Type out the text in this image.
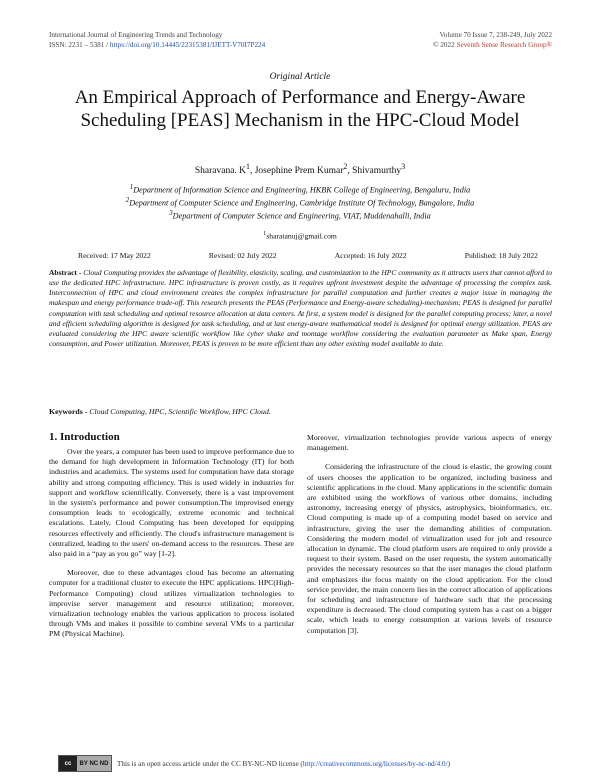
International Journal of Engineering Trends and Technology
ISSN: 2231 – 5381 / https://doi.org/10.14445/22315381/IJETT-V70I7P224
Volume 70 Issue 7, 238-249, July 2022
© 2022 Seventh Sense Research Group®
Original Article
An Empirical Approach of Performance and Energy-Aware Scheduling [PEAS] Mechanism in the HPC-Cloud Model
Sharavana. $K^1$, Josephine Prem Kumar$^2$, Shivamurthy$^3$
$^1$Department of Information Science and Engineering, HKBK College of Engineering, Bengaluru, India
$^2$Department of Computer Science and Engineering, Cambridge Institute Of Technology, Bangalore, India
$^3$Department of Computer Science and Engineering, VIAT, Muddenahalli, India
$^1$sharatanuj@gmail.com
Received: 17 May 2022	Revised: 02 July 2022	Accepted: 16 July 2022	Published: 18 July 2022
Abstract - Cloud Computing provides the advantage of flexibility, elasticity, scaling, and customization to the HPC community as it attracts users that cannot afford to use the dedicated HPC infrastructure. HPC infrastructure is proven costly, as it requires upfront investment despite the advantage of processing the complex task. Interconnection of HPC and cloud environment creates the complex infrastructure for parallel computation and further creates a major issue in managing the makespan and energy performance trade-off. This research presents the PEAS (Performance and Energy-aware scheduling)-mechanism; PEAS is designed for parallel computation with task scheduling and optimal resource allocation at data centers. At first, a system model is designed for the parallel computing process; later, a novel and efficient scheduling algorithm is designed for task scheduling, and at last energy-aware mathematical model is designed for optimal energy utilization. PEAS are evaluated considering the HPC aware scientific workflow like cyber shake and montage workflow considering the evaluation parameter as Make span, Energy consumption, and Power utilization. Moreover, PEAS is proven to be more efficient than any other existing model available to date.
Keywords - Cloud Computing, HPC, Scientific Workflow, HPC Cloud.
1. Introduction

Over the years, a computer has been used to improve performance due to the demand for high development in Information Technology (IT) for both industries and academics. The systems used for computation have data storage ability and strong computing efficiency. This is used widely in industries for support and workflow scientifically. Conversely, there is a vast improvement in the system's performance and power consumption.The improvised energy consumption leads to ecologically, extreme economic and technical escalations. Lately, Cloud Computing has been developed for equipping resources effectively and efficiently. The cloud's infrastructure management is centralized, leading to the users' on-demand access to the resources. These are also paid in a “pay as you go” way [1-2].

Moreover, due to these advantages cloud has become an alternating computer for a traditional cluster to execute the HPC applications. HPC(High-Performance Computing) cloud utilizes virtualization technologies to improvise server management and resource utilization; moreover, virtualization technology enables the various application to process isolated through VMs and makes it possible to combine several VMs to a particular PM (Physical Machine).

Moreover, virtualization technologies provide various aspects of energy management.

Considering the infrastructure of the cloud is elastic, the growing count of users chooses the application to be organized, including business and scientific applications in the cloud. Many applications in the scientific domain are exhibited using the workflows of various other domains, including astronomy, increasing energy of physics, astrophysics, bioinformatics, etc. Cloud computing is made up of a computing model based on service and infrastructure, giving the user the demanding abilities of computation. Considering the modern model of virtualization used for job and resource allocation in dynamic. The cloud platform users are required to only provide a request to their system. Based on the user requests, the system automatically provides the necessary resources so that the user manages the cloud platform and emphasizes the focus mainly on the cloud application. For the cloud service provider, the main concern lies in the correct allocation of applications for scheduling and infrastructure of hardware such that the processing expenditure is decreased. The cloud computing system has a cast on a bigger scale, which leads to energy consumption at various levels of resource computation [3].

cc	BY NC ND	This is an open access article under the CC BY-NC-ND license (http://creativecommons.org/licenses/by-nc-nd/4.0/)
